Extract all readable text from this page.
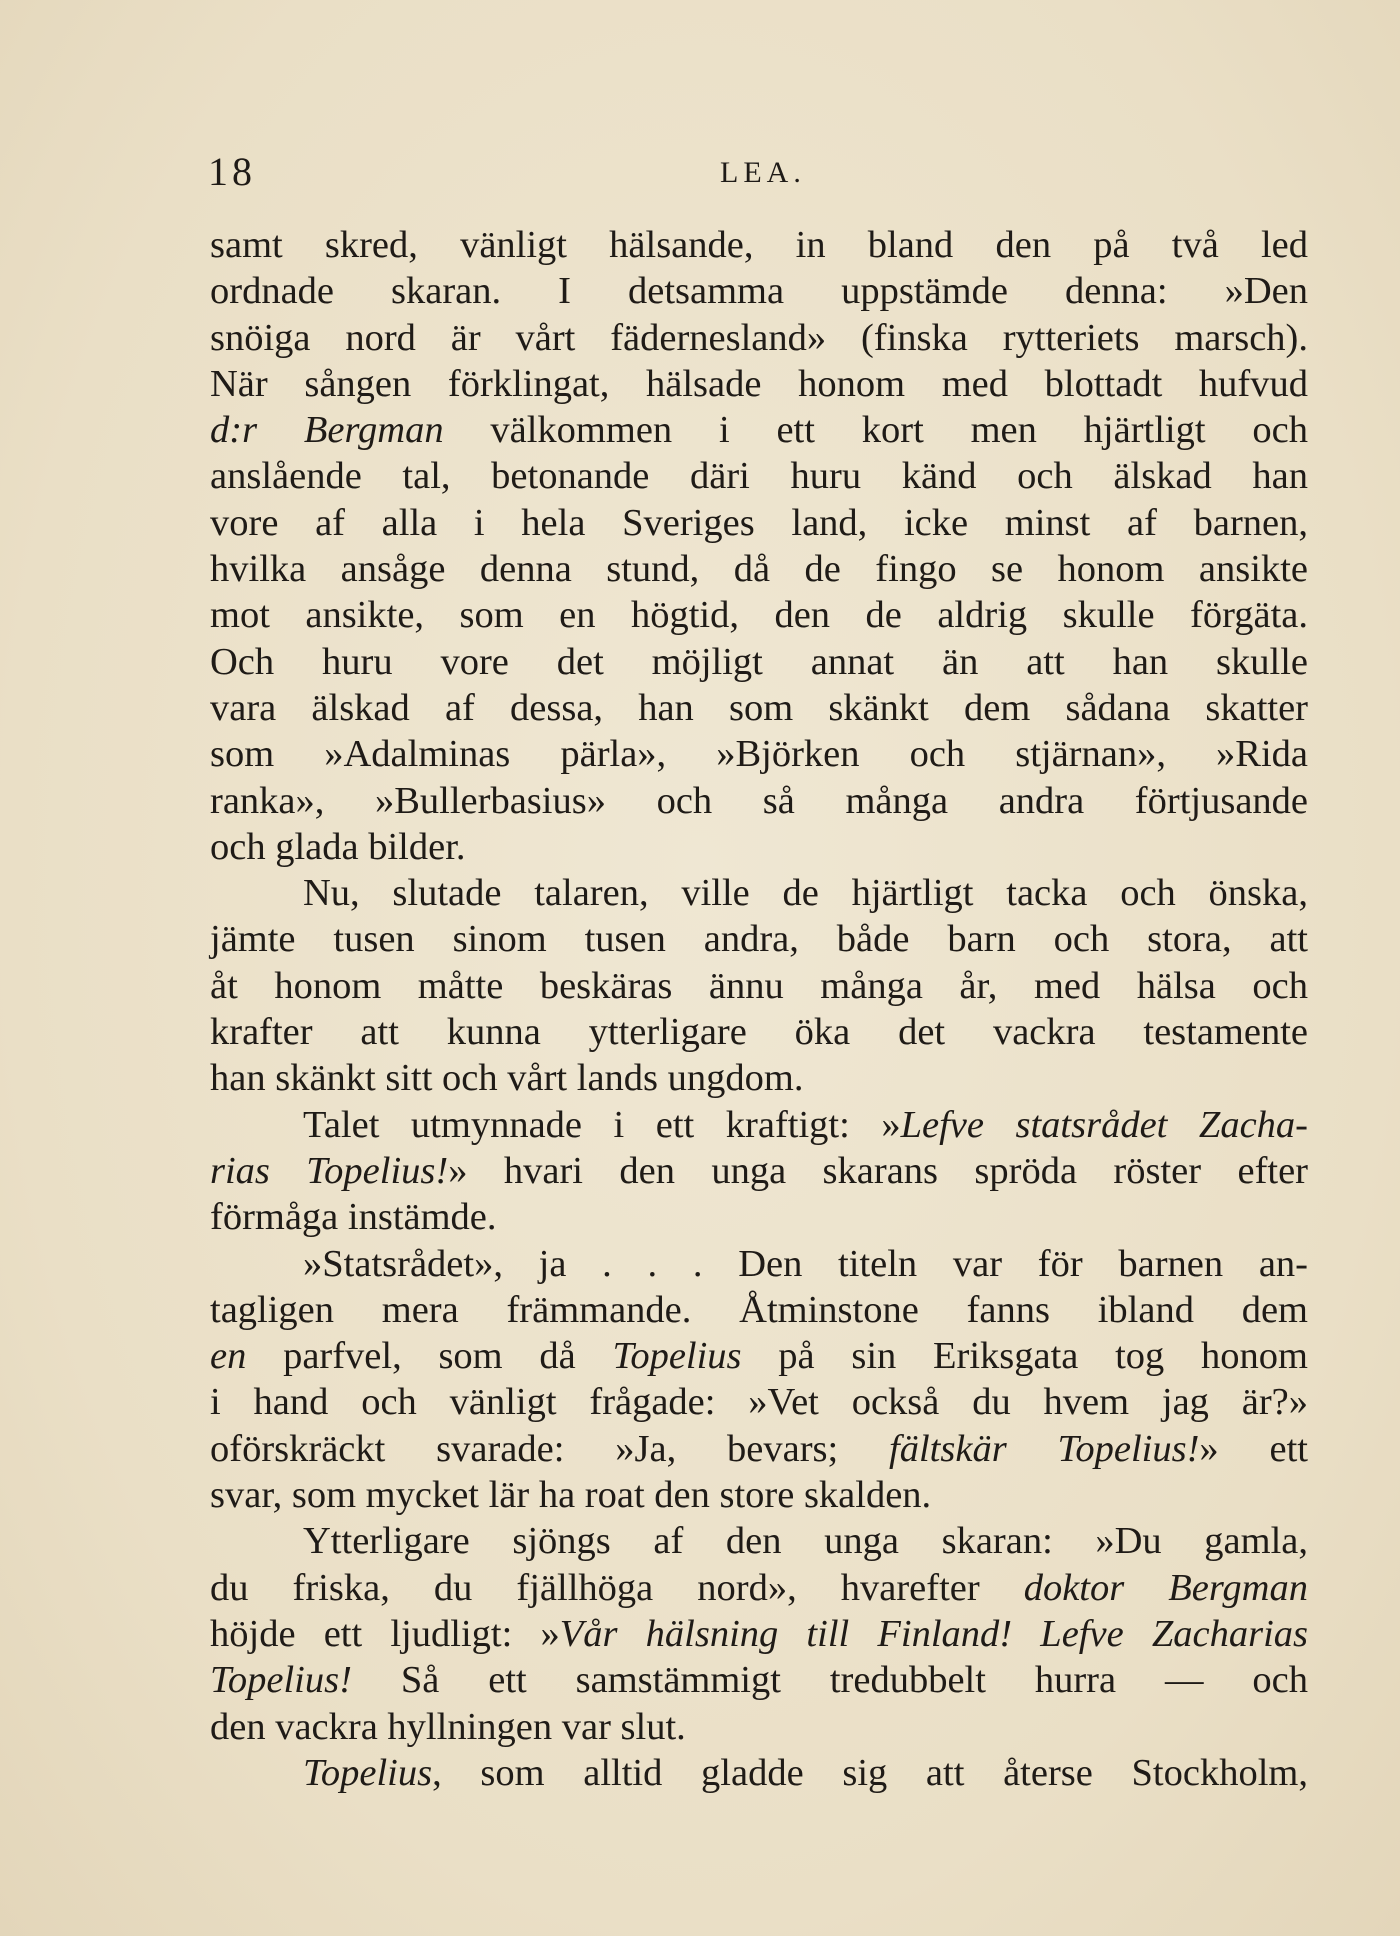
18	LEA.
samt skred, vänligt hälsande, in bland den på två led
ordnade skaran. I detsamma uppstämde denna: »Den
snöiga nord är vårt fädernesland» (finska rytteriets marsch).
När sången förklingat, hälsade honom med blottadt hufvud
d:r Bergman välkommen i ett kort men hjärtligt och
anslående tal, betonande däri huru känd och älskad han
vore af alla i hela Sveriges land, icke minst af barnen,
hvilka ansåge denna stund, då de fingo se honom ansikte
mot ansikte, som en högtid, den de aldrig skulle förgäta.
Och huru vore det möjligt annat än att han skulle
vara älskad af dessa, han som skänkt dem sådana skatter
som »Adalminas pärla», »Björken och stjärnan», »Rida
ranka», »Bullerbasius» och så många andra förtjusande
och glada bilder.
Nu, slutade talaren, ville de hjärtligt tacka och önska,
jämte tusen sinom tusen andra, både barn och stora, att
åt honom måtte beskäras ännu många år, med hälsa och
krafter att kunna ytterligare öka det vackra testamente
han skänkt sitt och vårt lands ungdom.
Talet utmynnade i ett kraftigt: »Lefve statsrådet Zacha-
rias Topelius!» hvari den unga skarans spröda röster efter
förmåga instämde.
»Statsrådet», ja . . . Den titeln var för barnen an-
tagligen mera främmande. Åtminstone fanns ibland dem
en parfvel, som då Topelius på sin Eriksgata tog honom
i hand och vänligt frågade: »Vet också du hvem jag är?»
oförskräckt svarade: »Ja, bevars; fältskär Topelius!» ett
svar, som mycket lär ha roat den store skalden.
Ytterligare sjöngs af den unga skaran: »Du gamla,
du friska, du fjällhöga nord», hvarefter doktor Bergman
höjde ett ljudligt: »Vår hälsning till Finland! Lefve Zacharias
Topelius! Så ett samstämmigt tredubbelt hurra — och
den vackra hyllningen var slut.
Topelius, som alltid gladde sig att återse Stockholm,
